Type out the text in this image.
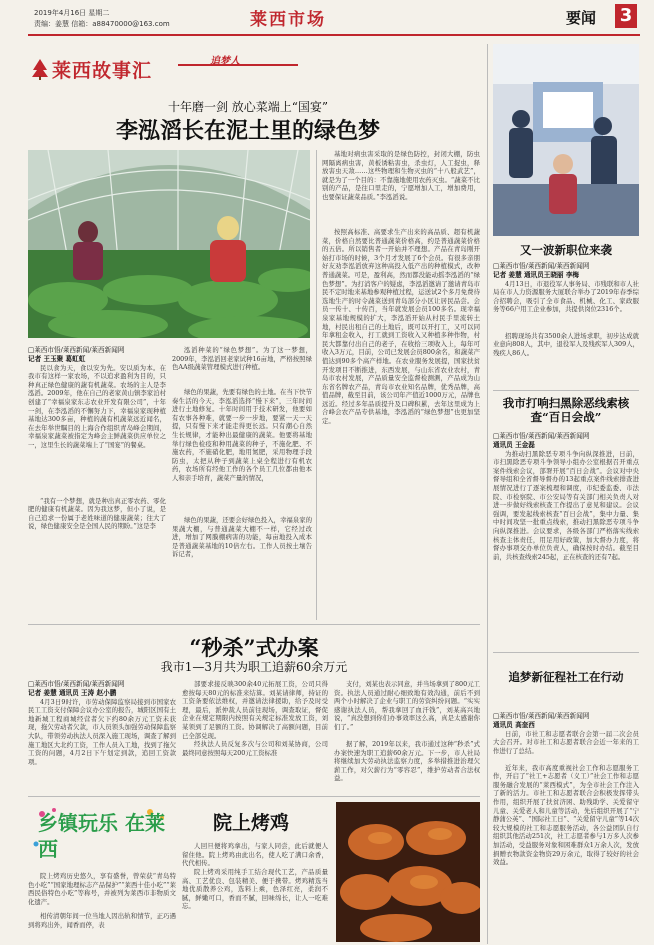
2019年4月16日 星期二
责编：姜慧 信箱：a88470000@163.com	莱西市场	要闻 3
莱西故事汇	追梦人
十年磨一剑 放心菜端上“国宴”
李泓滔长在泥土里的绿色梦
□莱西市悟/莱西新闻/莱西新闻网
记者 王玉聚 葛虹虹
民以食为天，食以安为先。安以质为本。在我市有这样一家农场，不以追求盈利为目的，只种真正绿色健康的蔬有机蔬菜。农场的主人是李泓滔。2009年，他在自己的老家黄山镇李家泊村创建了“幸福泉家东志农业开发有限公司”，十年一剑，在李泓滔的不懈努力下，幸福泉家现种植基地达300多亩，种植的蔬有机蔬菜远近闻名，在去年举世瞩目的上海合作组织青岛峰会期间，幸福泉家蔬菜被指定为峰会主鲜蔬菜供应单位之一，这里生长的蔬菜端上了“国宴”的餐桌。
“我有一个梦想，就是种出真正零农药、零化肥的健康有机蔬菜。因为我这梦，但小了说，是自己追求一份属于老姓味道的健康蔬菜；往大了说，绿色健康安全是全国人民的期盼。”这是李
泓滔种菜的“绿色梦想”。为了这一梦想，2009年，李泓滔回老家试种16亩地，严格按照绿色AA级蔬菜管理模式进行种植。
绿色的果蔬，先要有绿色的土地。在当下快节奏生活的今天，李泓滔选择“慢下来”，三年时间进行土地修复。十年时间用于技术研发，他要如有农事各种难，就要一步一步地，要紧一天一天提，只有慢下来才能走得更长远。只有潮心自然生长规律，才能种出最健康的蔬菜。他要将基地举行绿色检疫和种用蔬菜的种子，不施化肥、不施农药，不施硝化肥，地用氮肥，采用物理手段防虫，太把从种子到蔬菜上桌全程进行有机农药，农场所有经他工作的各个员工几位都由他本人和亲手培育，蔬菜产量的情况，
绿色的果蔬，还要会好绿色投入，幸福泉家的果蔬大棚，与普通蔬菜大棚不一样，它经过改进，增加了网膜棚病害的功能，每亩地投入成本是普通蔬菜基地的10倍左右。工作人员按土壤告诉记者，
基地对病虫害采取的是绿色防控，封闭大棚，防虫网隔离病虫害，黄板诱粘害虫，杀虫灯，人工捉虫，释放害虫天敌……这些物理和生物灭虫的“十八般武艺”，就是为了一个目的：不靠施地使用农药灭虫。“蔬菜不比别的产品，是往口里走的，宁愿增加人工，增加费用，也要保证蔬菜品质。”李泓滔说。
按照高标准、高要求生产出来的高品质、超有机蔬菜，价格自然要比普通蔬菜价格高，约是普通蔬菜价格的五倍。所以销售者一开始并不理想。产品在青岛刚开始打市场的时候，3个月才发展了6个会员。有很多亲朋好友劝李泓滔放弃这种高投入低产出的种植模式，改种普通蔬菜。可是，盈利高，然而都没能动摇李泓滔的“绿色梦想”。为打消客户的疑虑，李泓滔邀请了邀请青岛市民不定时地来基地参观种植过程，运送试2个多月免费待选地生产的时令蔬菜送到青岛部分小区让居民品尝。会员一传十、十传百，当年就发展会员100多名。现幸福泉家基地规模的扩大，李泓滔开始从村民手里流转土地，村民出租自己的土地后，既可以开打工，又可以同年拿租金收入，打工就到工资收入又种植多种作物，村民大都靠付出自己的老子，在收拾三项收入上，每年可收入3万元，目前，公司已发展会员800余名，和蔬菜产值达到90多个高产样地。在农业服务发展提，国家扶贫开发项目不断推进，东西发展，与山东省农业农村，青岛市农村发展，产品质量安全监督检测测，产品成为山东省名牌农产品，青岛市农业知名品牌，优秀品牌，高值品牌，截至目前，该公司年产值近1000万元，品牌也远近。经过多年品质提升及口碑积累，去年这里成为上合峰会农产品专供基地，李泓滔的“绿色梦想”也更加坚定。
又一波新职位来袭
□莱西市悟/莱西新闻/莱西新闻网
记者 姜慧 通讯员王晓丽 李梅
4月13日，市退役军人事务局、市残联和市人社局在市人力资源服务大厦联合举办了2019年春季综合招聘会，吸引了全市食品、机械、化工、家政服务等66户用工企业参加，共提供岗位2316个。
招聘现场共有3500余人进场求职，初步达成就业意向808人，其中，退役军人及残疾军人309人，残疾人86人。
我市打响扫黑除恶线索核查“百日会战”
□莱西市悟/莱西新闻/莱西新闻网
通讯员 王金磊
为推动扫黑除恶专项斗争向纵深推进，日前，市扫黑除恶专项斗争领导小组办公室根据召开重点案件线索会议，部署开展“百日会战”。会议对中央督导组和全省督导督办的13起重点案件线索排查进展情况进行了逐案梳理和调度，市纪委监委、市法院、市检察院、市公安局等有关部门相关负责人对进一步做好线索核查工作提出了意见和建议。会议强调，要发起线索核查“百日会战”，集中力量、集中时间攻坚一批重点线索，推动扫黑除恶专项斗争向纵深推进。会议要求，各级各部门严格落实线索核查主体责任，用足用好政策，加大督办力度，将督办事项交办单位负责人，确保按时办结。截至目前，共核查线索245起，正在核查的还有7起。
追梦新征程社工在行动
□莱西市悟/莱西新闻/莱西新闻网
通讯员 高奎西
日前，市社工和志愿者联合会第一届二次会员大会召开。对市社工和志愿者联合会近一年来的工作进行了总结。
近年来，我市高度重视社会工作和志愿服务工作，开启了“社工+志愿者（义工）”社会工作和志愿服务融合发展的“莱西模式”，为全市社会工作注入了新的活力。市社工和志愿者联合会积极发挥带头作用，组织开展了扶贫济困、助残助学、关爱留守儿童、关爱老人和儿童等活动，先后组织开展了“宁静蒲公英”、“国际社工日”、“关爱留守儿童”等14次较大规模的社工和志愿服务活动，各公益团队自行组织其他活动251次，社工志愿者参与1万多人次参加活动，受益服务对象和困难群众1万余人次，发放捐赠衣物款资金物资29万余元，取得了较好的社会效益。
“秒杀”式办案
我市1—3月共为职工追薪60余万元
□莱西市悟/莱西新闻/莱西新闻网
记者 姜慧 通讯员 王涛 赵小鹏
4月3日9时许，市劳动保障监察局接到市国家农民工工资支付保障会议办公室的报告，城阳区国有土地新城工程商城经营者欠下约80余万元工资未获现，拖欠劳动者欠款，市人员领头加强劳动保障监察大队，带领劳动执法人员深入施工现场，调查了解到施工地区大北约工资，工作人员入工地，找到了拖欠工资的问题，4月2日下午划定到款，追回工资款项。
部要求接反映300余40元拓展工资，公司只得愈按每天80元的标准来结算。刘某请律师，持证的工资条要依法维权，并邀请法律援助，给予及时受理，最后，派仲裁人员前往现场，调查取证，督促企业在规定期限内按照有关规定标准发放工资，刘某领到了足额的工资。协调解决了高额问题，目前已全部兑现。
经执法人员反复多次与公司和刘某协商，公司最终同意按照每天200元工资标准
支付，刘某也表示同意，并当场拿到了800元工资。执法人员通过耐心细致地有效沟通，前后不到两个小时解决了企业与职工的劳资纠纷问题。“实实感谢执法人员，帮我拿回了血汗钱”，刘某高兴地说，“真没想到你们办事效率这么高，真是太感谢你们了。”
据了解，2019年以来，我市通过这种“秒杀”式办案快速为职工追薪60余万元。下一步，市人社局将继续加大劳动执法监察力度，多举措推进治理欠薪工作，对欠薪行为“零容忍”，维护劳动者合法权益。
乡镇玩乐 在莱西
院上烤鸡
院上烤鸡历史悠久，享有盛誉，曾荣获“青岛特色小吃”“国家地理标志产品保护”“莱西十佳小吃”“莱西民俗特色小吃”等称号，并被列为莱西市非物质文化遗产。
相传清朝年间一位当地人因出轨和情节，正巧遇到将鸡出外，闻香而停，表
人回旦便将鸡拿出，与家人同尝，此后就便人留住他。院上烤鸡由此出名，使人吃了满口余香，代代相传。
院上烤鸡采用纯手工结合现代工艺，产品质量高、工艺优良、包装精美、便于携带。烤鸡精选当地优质散养公鸡，选料上乘，色泽红亮，柔润不腻，鲜嫩可口，香而不腻，回味绵长，让人一吃难忘。
